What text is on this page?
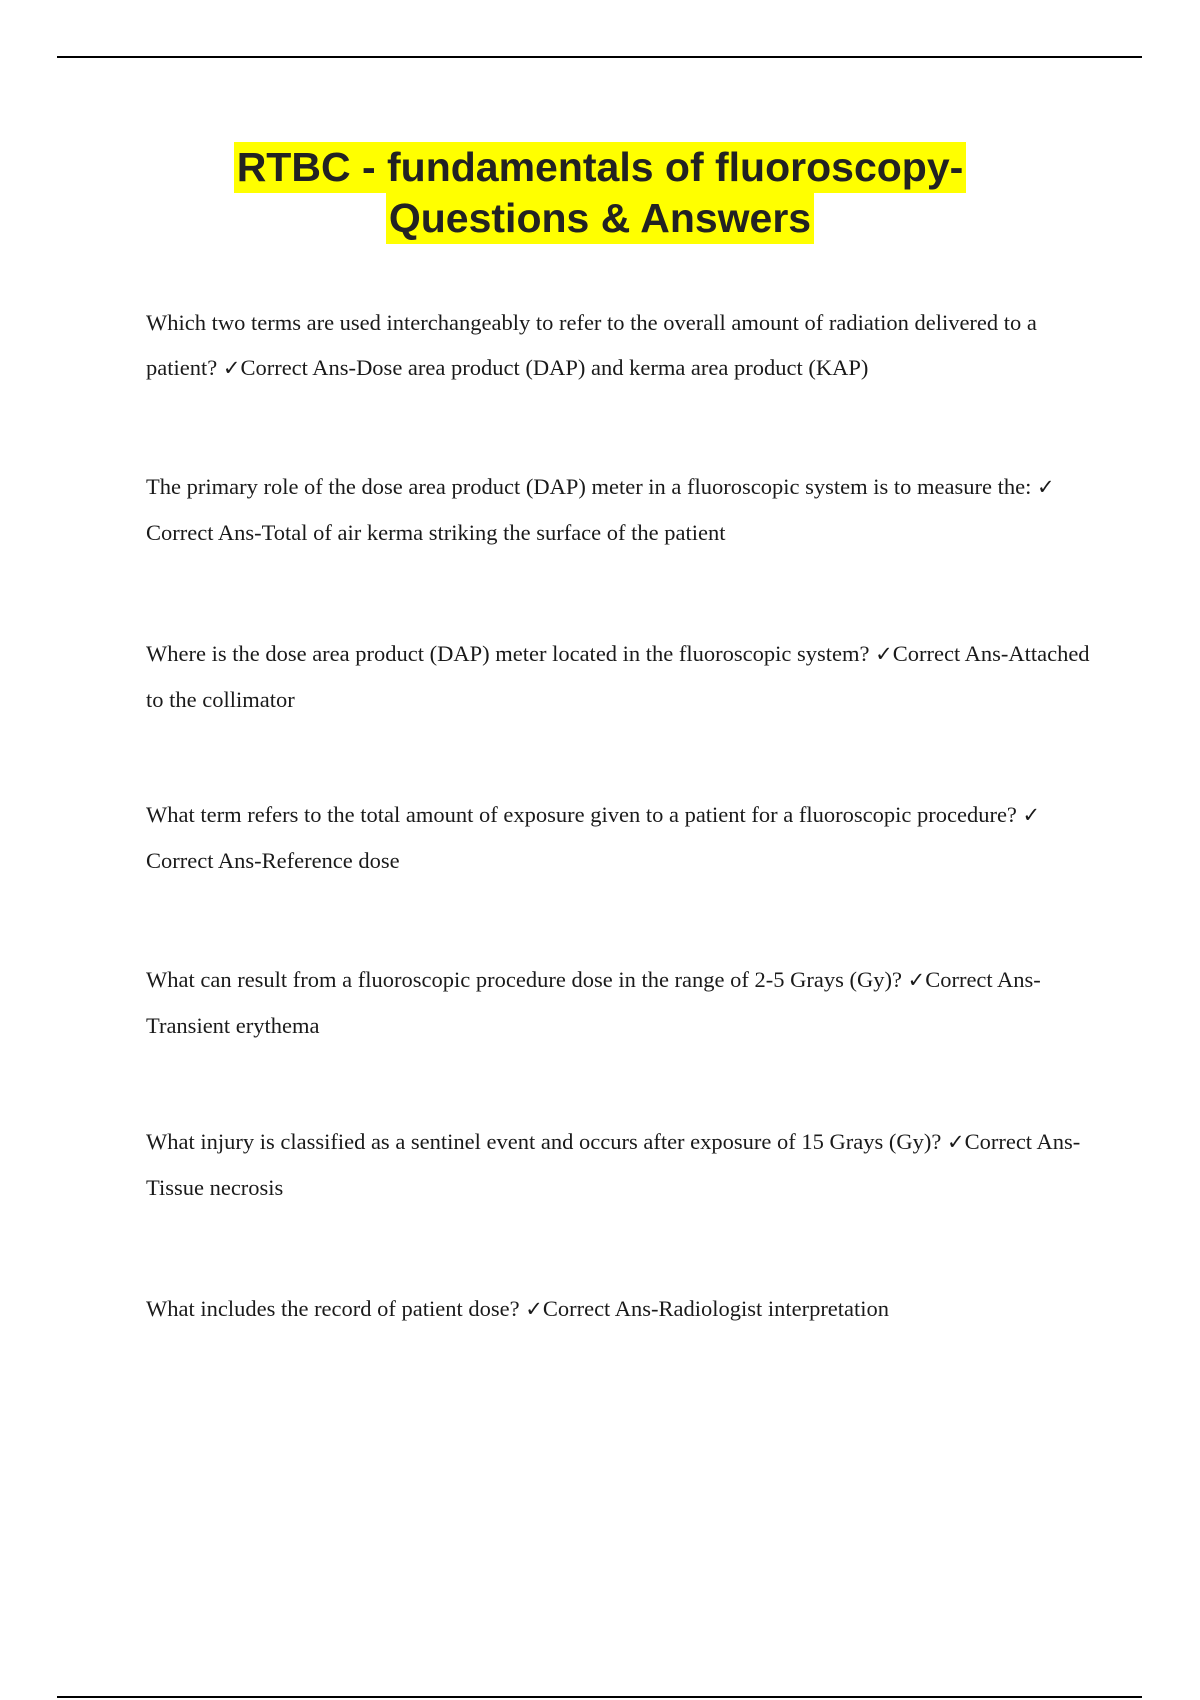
RTBC - fundamentals of fluoroscopy-
Questions & Answers
Which two terms are used interchangeably to refer to the overall amount of radiation delivered to a patient? ✓Correct Ans-Dose area product (DAP) and kerma area product (KAP)
The primary role of the dose area product (DAP) meter in a fluoroscopic system is to measure the: ✓Correct Ans-Total of air kerma striking the surface of the patient
Where is the dose area product (DAP) meter located in the fluoroscopic system? ✓Correct Ans-Attached to the collimator
What term refers to the total amount of exposure given to a patient for a fluoroscopic procedure? ✓Correct Ans-Reference dose
What can result from a fluoroscopic procedure dose in the range of 2-5 Grays (Gy)? ✓Correct Ans-Transient erythema
What injury is classified as a sentinel event and occurs after exposure of 15 Grays (Gy)? ✓Correct Ans-Tissue necrosis
What includes the record of patient dose? ✓Correct Ans-Radiologist interpretation
